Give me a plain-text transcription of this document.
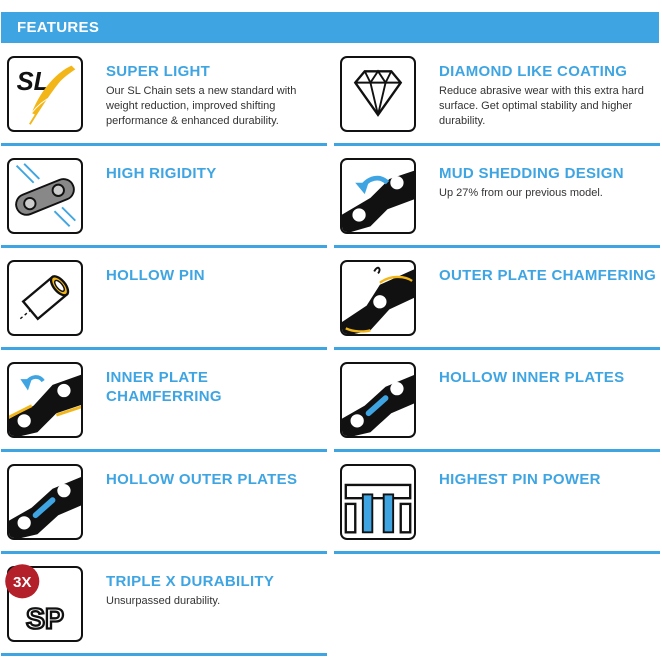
FEATURES
SL	SUPER LIGHT
Our SL Chain sets a new standard with weight reduction, improved shifting performance & enhanced durability.
DIAMOND LIKE COATING
Reduce abrasive wear with this extra hard surface. Get optimal stability and higher durability.
HIGH RIGIDITY	MUD SHEDDING DESIGN
Up 27% from our previous model.
HOLLOW PIN	OUTER PLATE CHAMFERING
INNER PLATE CHAMFERRING
HOLLOW INNER PLATES
HOLLOW OUTER PLATES	HIGHEST PIN POWER
3X
SP
TRIPLE X DURABILITY
Unsurpassed durability.
